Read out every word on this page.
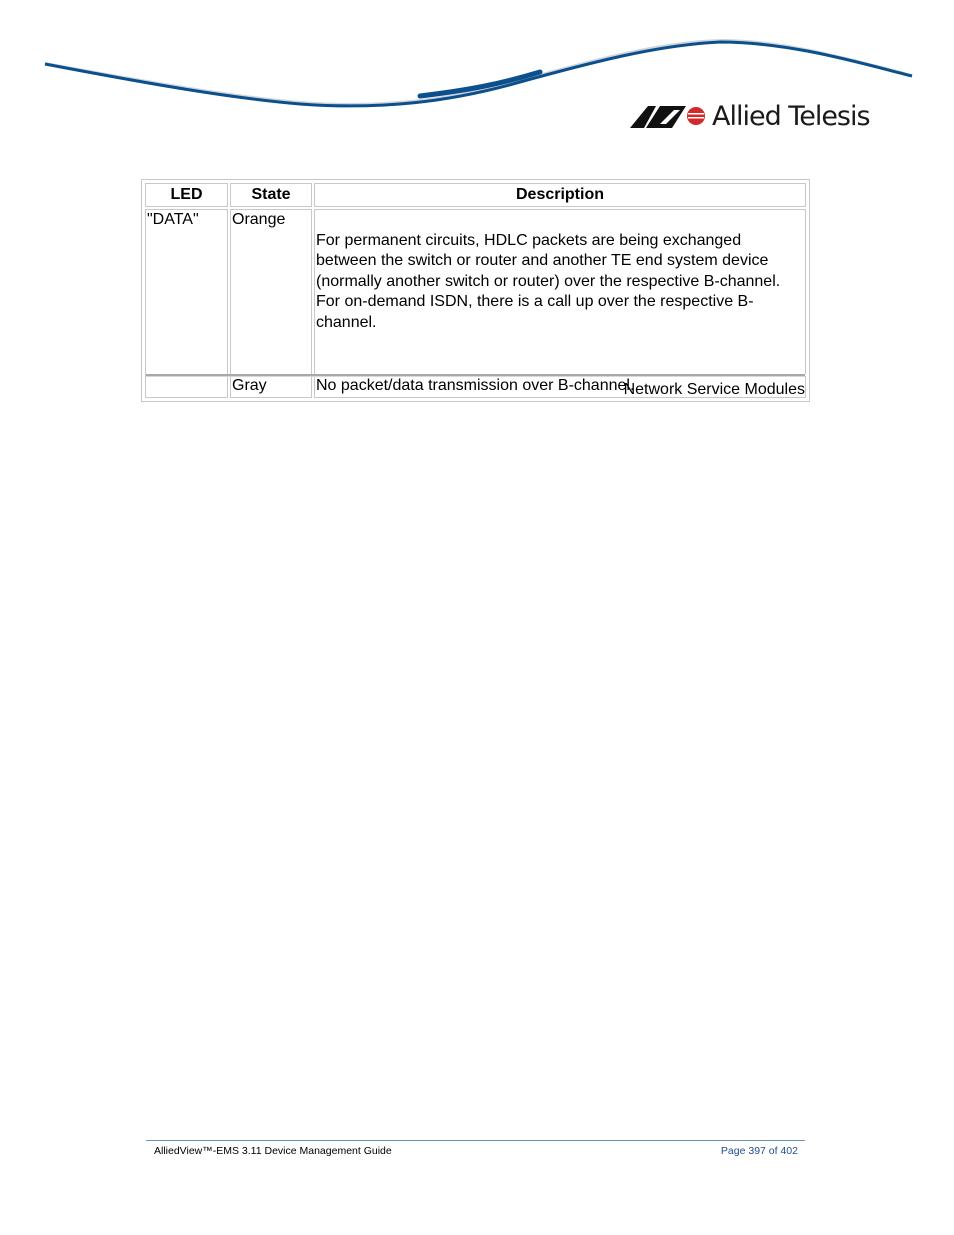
Allied Telesis
LED	State	Description
"DATA"	Orange	For permanent circuits, HDLC packets are being exchanged
between the switch or router and another TE end system device
(normally another switch or router) over the respective B-channel.
For on-demand ISDN, there is a call up over the respective B-
channel.

	Gray	No packet/data transmission over B-channel.
Network Service Modules
AlliedView™-EMS 3.11 Device Management Guide	Page 397 of 402
